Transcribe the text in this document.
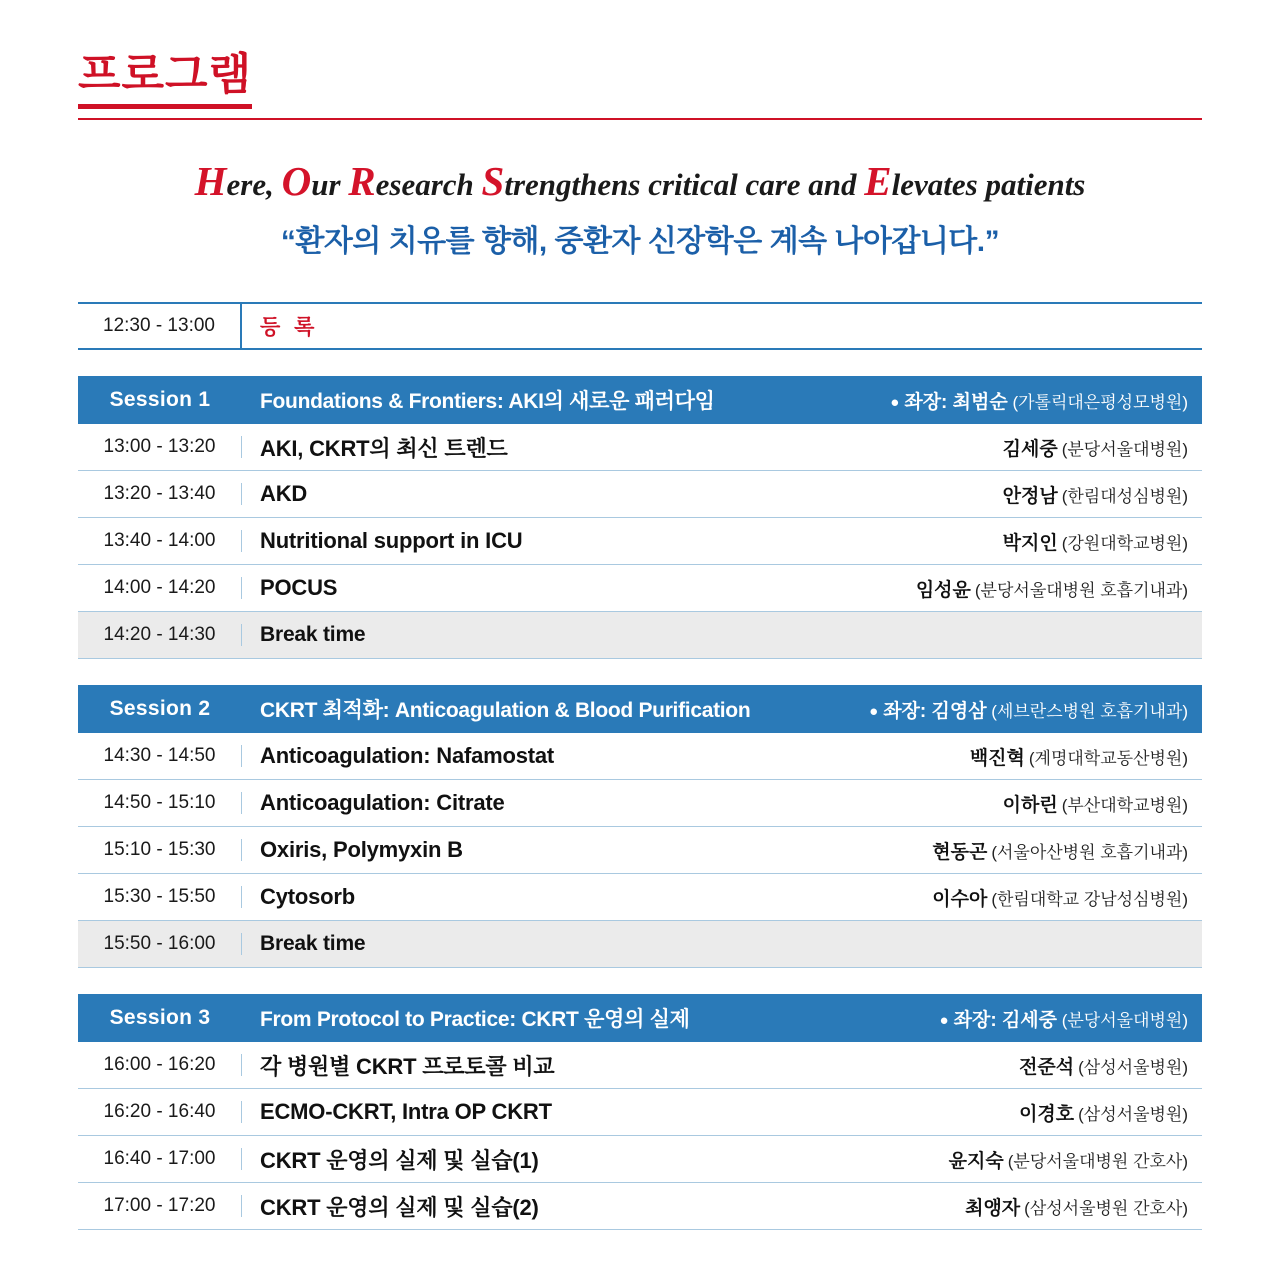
프로그램
Here, Our Research Strengthens critical care and Elevates patients
“환자의 치유를 향해, 중환자 신장학은 계속 나아갑니다.”
12:30 - 13:00	등 록
Session 1	Foundations & Frontiers: AKI의 새로운 패러다임	● 좌장: 최범순 (가톨릭대은평성모병원)
13:00 - 13:20	AKI, CKRT의 최신 트렌드	김세중 (분당서울대병원)
13:20 - 13:40	AKD	안정남 (한림대성심병원)
13:40 - 14:00	Nutritional support in ICU	박지인 (강원대학교병원)
14:00 - 14:20	POCUS	임성윤 (분당서울대병원 호흡기내과)
14:20 - 14:30	Break time
Session 2	CKRT 최적화: Anticoagulation & Blood Purification	● 좌장: 김영삼 (세브란스병원 호흡기내과)
14:30 - 14:50	Anticoagulation: Nafamostat	백진혁 (계명대학교동산병원)
14:50 - 15:10	Anticoagulation: Citrate	이하린 (부산대학교병원)
15:10 - 15:30	Oxiris, Polymyxin B	현동곤 (서울아산병원 호흡기내과)
15:30 - 15:50	Cytosorb	이수아 (한림대학교 강남성심병원)
15:50 - 16:00	Break time
Session 3	From Protocol to Practice: CKRT 운영의 실제	● 좌장: 김세중 (분당서울대병원)
16:00 - 16:20	각 병원별 CKRT 프로토콜 비교	전준석 (삼성서울병원)
16:20 - 16:40	ECMO-CKRT, Intra OP CKRT	이경호 (삼성서울병원)
16:40 - 17:00	CKRT 운영의 실제 및 실습(1)	윤지숙 (분당서울대병원 간호사)
17:00 - 17:20	CKRT 운영의 실제 및 실습(2)	최앵자 (삼성서울병원 간호사)
